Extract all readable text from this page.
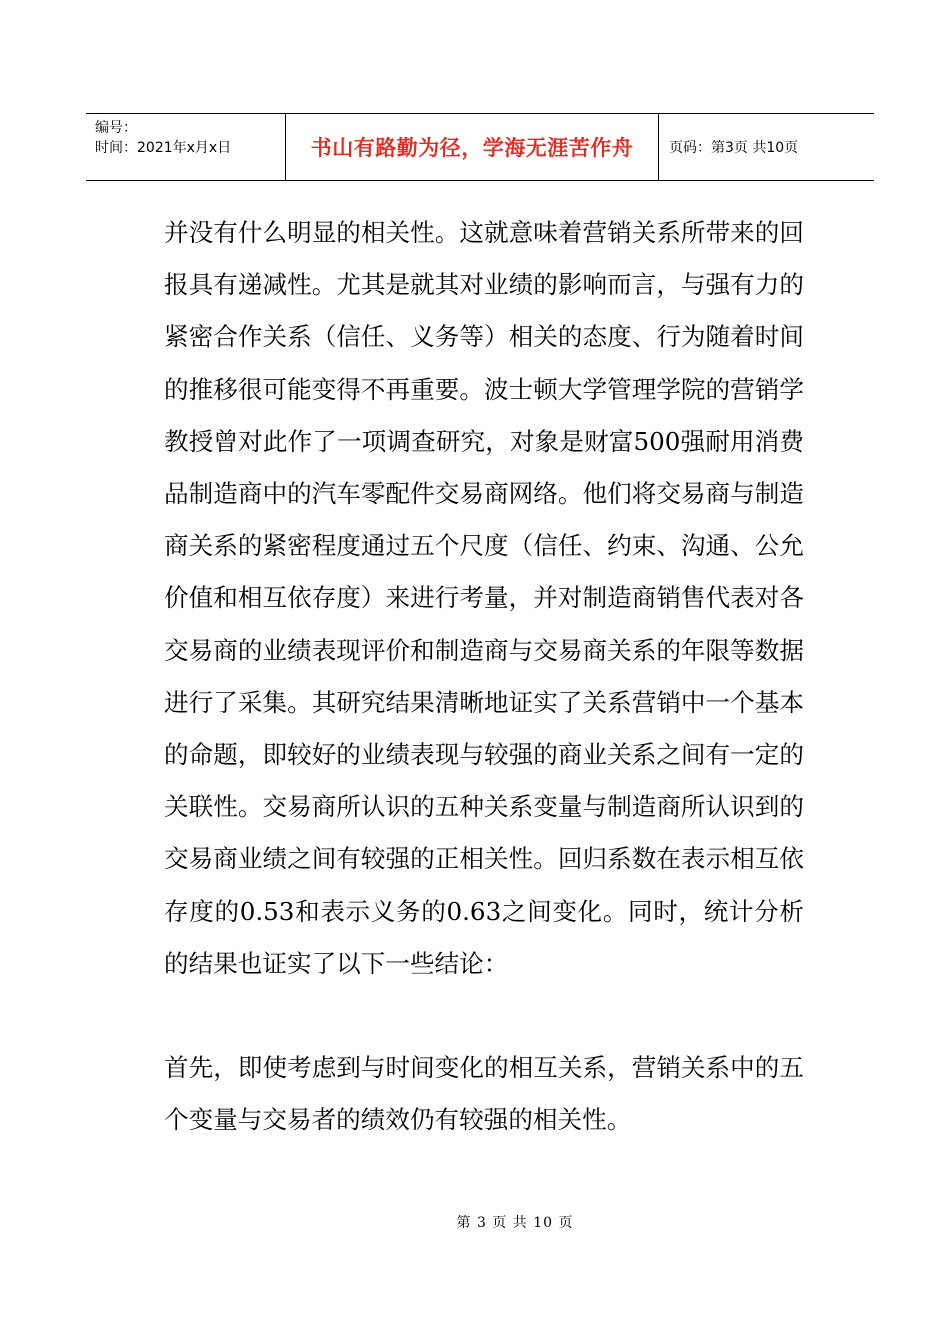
编号：
时间：2021年x月x日	书山有路勤为径，学海无涯苦作舟	页码：第3页 共10页

并没有什么明显的相关性。这就意味着营销关系所带来的回报具有递减性。尤其是就其对业绩的影响而言，与强有力的紧密合作关系（信任、义务等）相关的态度、行为随着时间的推移很可能变得不再重要。波士顿大学管理学院的营销学教授曾对此作了一项调查研究，对象是财富500强耐用消费品制造商中的汽车零配件交易商网络。他们将交易商与制造商关系的紧密程度通过五个尺度（信任、约束、沟通、公允价值和相互依存度）来进行考量，并对制造商销售代表对各交易商的业绩表现评价和制造商与交易商关系的年限等数据进行了采集。其研究结果清晰地证实了关系营销中一个基本的命题，即较好的业绩表现与较强的商业关系之间有一定的关联性。交易商所认识的五种关系变量与制造商所认识到的交易商业绩之间有较强的正相关性。回归系数在表示相互依存度的0.53和表示义务的0.63之间变化。同时，统计分析的结果也证实了以下一些结论：

首先，即使考虑到与时间变化的相互关系，营销关系中的五个变量与交易者的绩效仍有较强的相关性。

第 3 页 共 10 页
